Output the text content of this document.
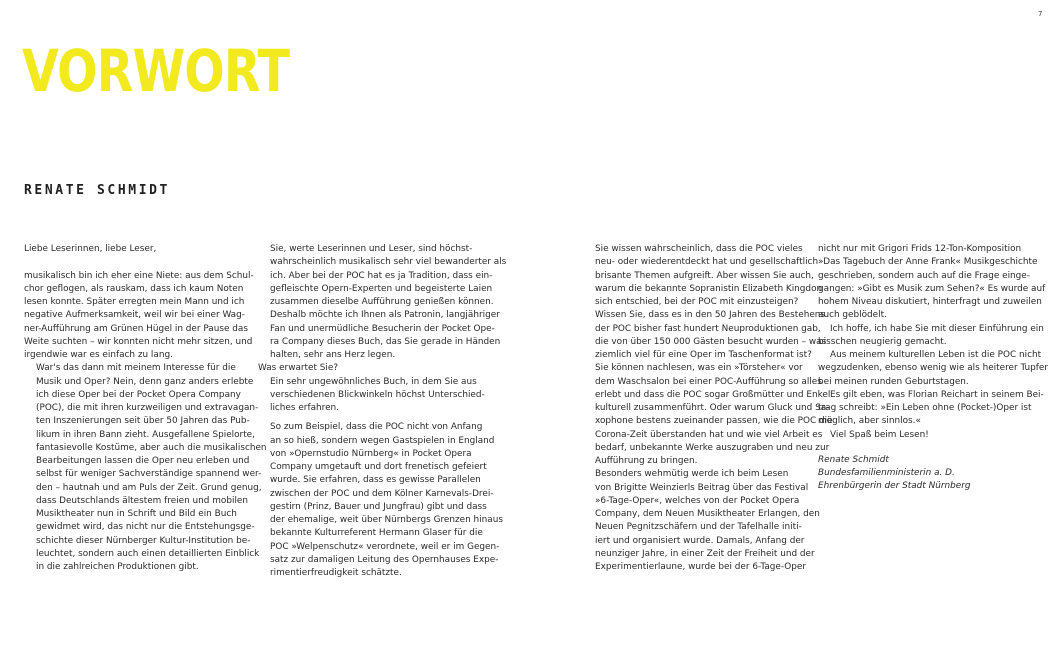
7
VORWORT
RENATE SCHMIDT

Liebe Leserinnen, liebe Leser,

musikalisch bin ich eher eine Niete: aus dem Schul-
chor geflogen, als rauskam, dass ich kaum Noten
lesen konnte. Später erregten mein Mann und ich
negative Aufmerksamkeit, weil wir bei einer Wag-
ner-Aufführung am Grünen Hügel in der Pause das
Weite suchten – wir konnten nicht mehr sitzen, und
irgendwie war es einfach zu lang.

War's das dann mit meinem Interesse für die
Musik und Oper? Nein, denn ganz anders erlebte
ich diese Oper bei der Pocket Opera Company
(POC), die mit ihren kurzweiligen und extravagan-
ten Inszenierungen seit über 50 Jahren das Pub-
likum in ihren Bann zieht. Ausgefallene Spielorte,
fantasievolle Kostüme, aber auch die musikalischen
Bearbeitungen lassen die Oper neu erleben und
selbst für weniger Sachverständige spannend wer-
den – hautnah und am Puls der Zeit. Grund genug,
dass Deutschlands ältestem freien und mobilen
Musiktheater nun in Schrift und Bild ein Buch
gewidmet wird, das nicht nur die Entstehungsge-
schichte dieser Nürnberger Kultur-Institution be-
leuchtet, sondern auch einen detaillierten Einblick
in die zahlreichen Produktionen gibt.

Sie, werte Leserinnen und Leser, sind höchst-
wahrscheinlich musikalisch sehr viel bewanderter als
ich. Aber bei der POC hat es ja Tradition, dass ein-
gefleischte Opern-Experten und begeisterte Laien
zusammen dieselbe Aufführung genießen können.
Deshalb möchte ich Ihnen als Patronin, langjähriger
Fan und unermüdliche Besucherin der Pocket Ope-
ra Company dieses Buch, das Sie gerade in Händen
halten, sehr ans Herz legen.
Was erwartet Sie?

Ein sehr ungewöhnliches Buch, in dem Sie aus
verschiedenen Blickwinkeln höchst Unterschied-
liches erfahren.

So zum Beispiel, dass die POC nicht von Anfang
an so hieß, sondern wegen Gastspielen in England
von »Opernstudio Nürnberg« in Pocket Opera
Company umgetauft und dort frenetisch gefeiert
wurde. Sie erfahren, dass es gewisse Parallelen
zwischen der POC und dem Kölner Karnevals-Drei-
gestirn (Prinz, Bauer und Jungfrau) gibt und dass
der ehemalige, weit über Nürnbergs Grenzen hinaus
bekannte Kulturreferent Hermann Glaser für die
POC »Welpenschutz« verordnete, weil er im Gegen-
satz zur damaligen Leitung des Opernhauses Expe-
rimentierfreudigkeit schätzte.

Sie wissen wahrscheinlich, dass die POC vieles
neu- oder wiederentdeckt hat und gesellschaftlich
brisante Themen aufgreift. Aber wissen Sie auch,
warum die bekannte Sopranistin Elizabeth Kingdon
sich entschied, bei der POC mit einzusteigen?
Wissen Sie, dass es in den 50 Jahren des Bestehens
der POC bisher fast hundert Neuproduktionen gab,
die von über 150 000 Gästen besucht wurden – was
ziemlich viel für eine Oper im Taschenformat ist?

Sie können nachlesen, was ein »Törsteher« vor
dem Waschsalon bei einer POC-Aufführung so alles
erlebt und dass die POC sogar Großmütter und Enkel
kulturell zusammenführt. Oder warum Gluck und Sa-
xophone bestens zueinander passen, wie die POC die
Corona-Zeit überstanden hat und wie viel Arbeit es
bedarf, unbekannte Werke auszugraben und neu zur
Aufführung zu bringen.

Besonders wehmütig werde ich beim Lesen
von Brigitte Weinzierls Beitrag über das Festival
»6-Tage-Oper«, welches von der Pocket Opera
Company, dem Neuen Musiktheater Erlangen, den
Neuen Pegnitzschäfern und der Tafelhalle initi-
iert und organisiert wurde. Damals, Anfang der
neunziger Jahre, in einer Zeit der Freiheit und der
Experimentierlaune, wurde bei der 6-Tage-Oper

nicht nur mit Grigori Frids 12-Ton-Komposition
»Das Tagebuch der Anne Frank« Musikgeschichte
geschrieben, sondern auch auf die Frage einge-
gangen: »Gibt es Musik zum Sehen?« Es wurde auf
hohem Niveau diskutiert, hinterfragt und zuweilen
auch geblödelt.

Ich hoffe, ich habe Sie mit dieser Einführung ein
bisschen neugierig gemacht.

Aus meinem kulturellen Leben ist die POC nicht
wegzudenken, ebenso wenig wie als heiterer Tupfer
bei meinen runden Geburtstagen.

Es gilt eben, was Florian Reichart in seinem Bei-
trag schreibt: »Ein Leben ohne (Pocket-)Oper ist
möglich, aber sinnlos.«

Viel Spaß beim Lesen!

Renate Schmidt
Bundesfamilienministerin a. D.
Ehrenbürgerin der Stadt Nürnberg
